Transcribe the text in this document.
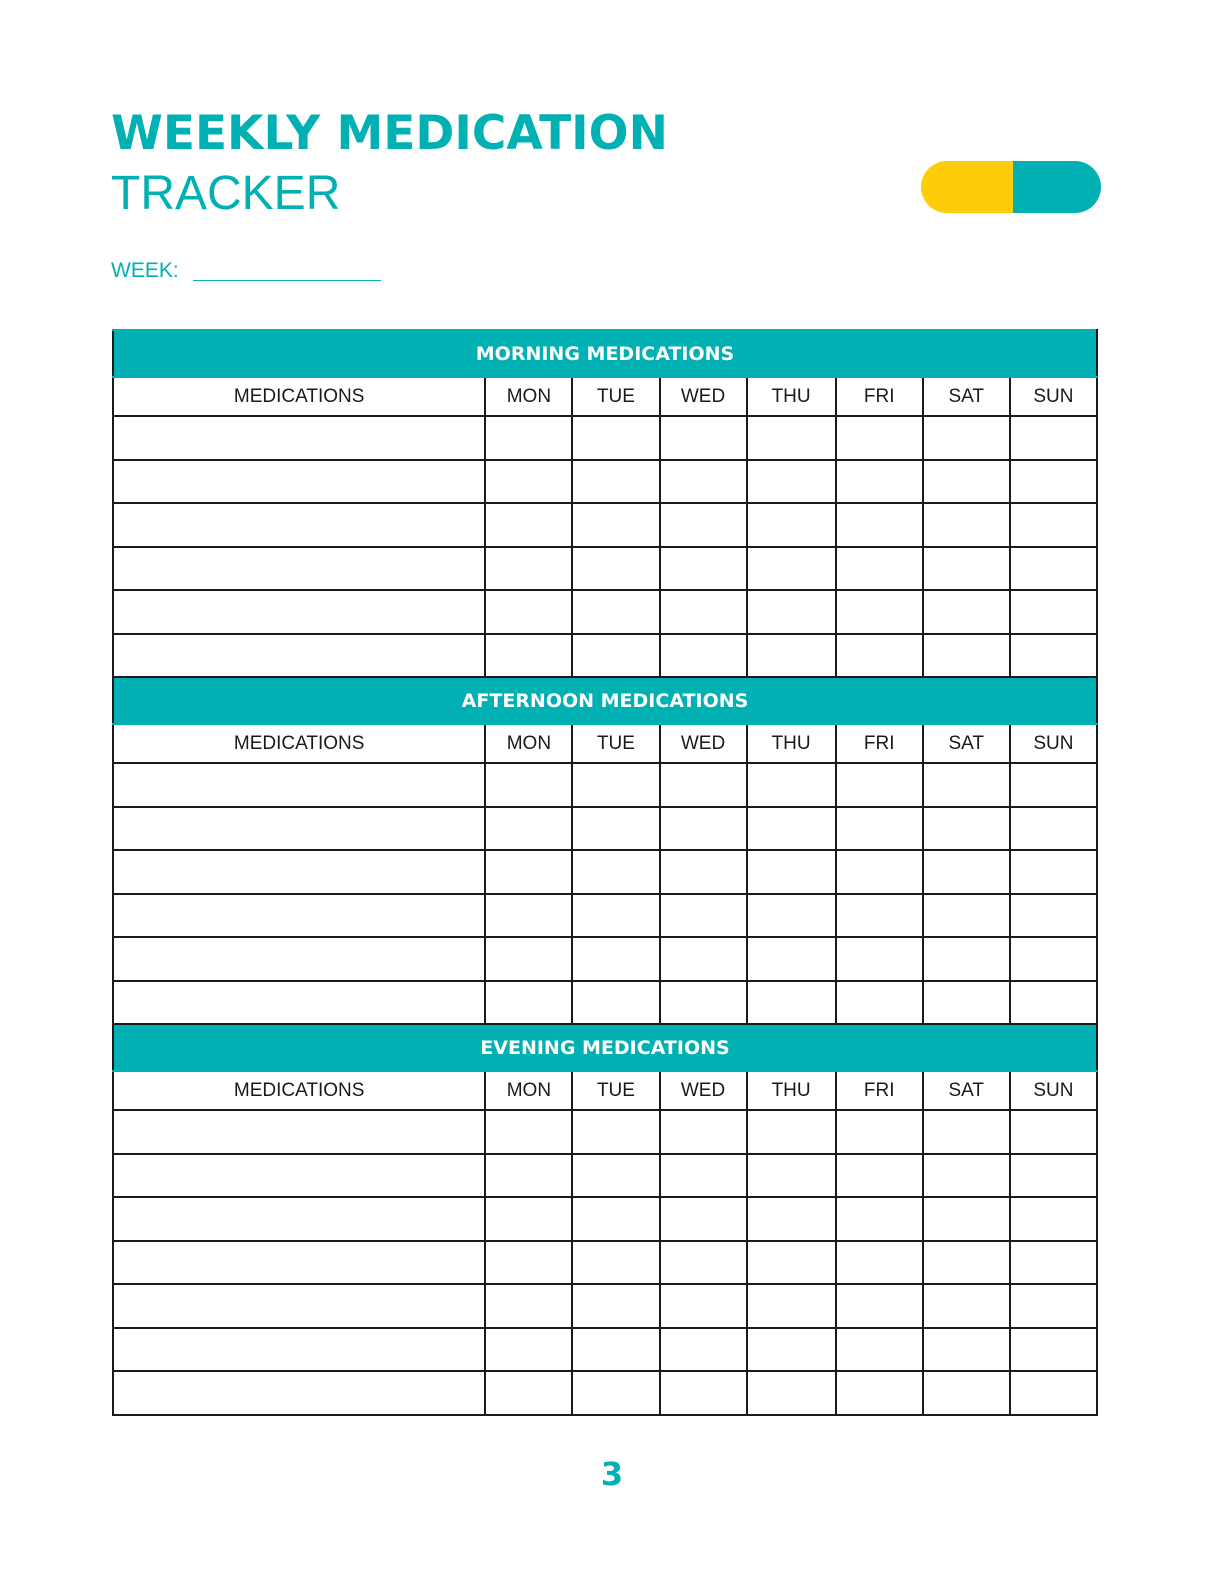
WEEKLY MEDICATION
TRACKER
WEEK:
MORNING MEDICATIONS							
MEDICATIONS	MON	TUE	WED	THU	FRI	SAT	SUN

AFTERNOON MEDICATIONS							
MEDICATIONS	MON	TUE	WED	THU	FRI	SAT	SUN

EVENING MEDICATIONS							
MEDICATIONS	MON	TUE	WED	THU	FRI	SAT	SUN

3
